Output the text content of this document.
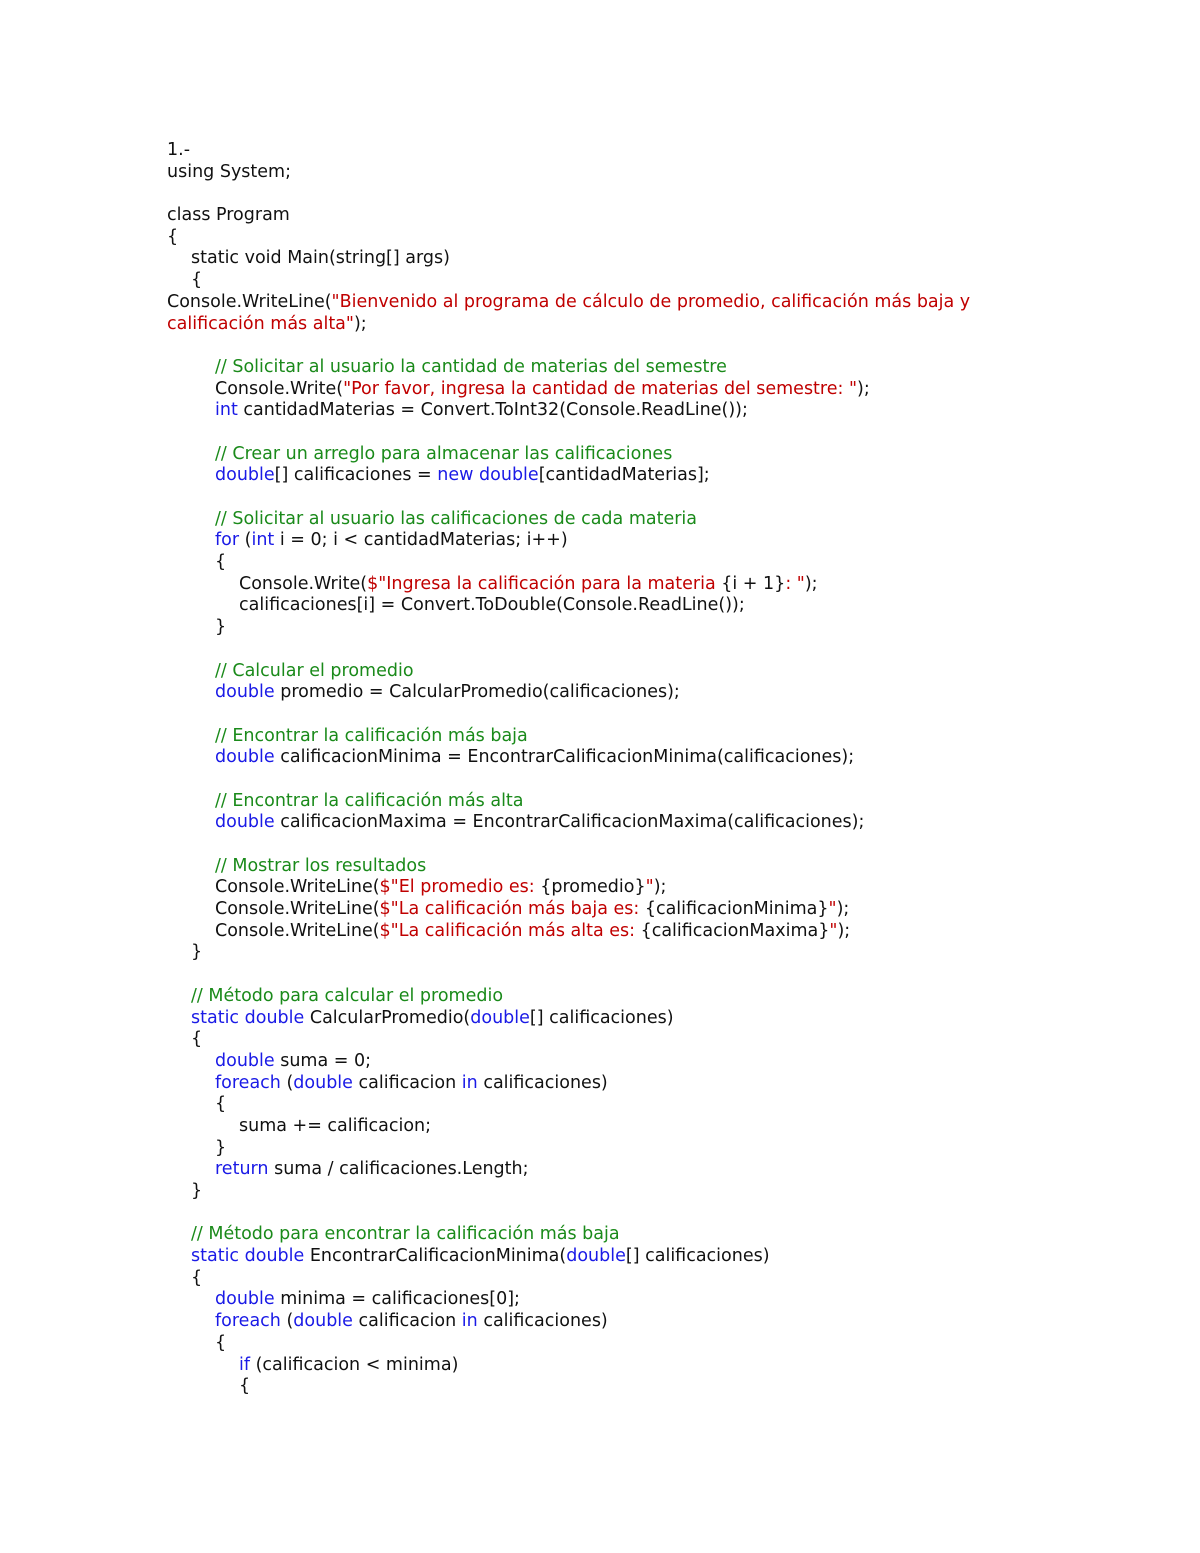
1.-
using System;
class Program
{
static void Main(string[] args)
{
Console.WriteLine("Bienvenido al programa de cálculo de promedio, calificación más baja y calificación más alta");
// Solicitar al usuario la cantidad de materias del semestre
Console.Write("Por favor, ingresa la cantidad de materias del semestre: ");
int cantidadMaterias = Convert.ToInt32(Console.ReadLine());
// Crear un arreglo para almacenar las calificaciones
double[] calificaciones = new double[cantidadMaterias];
// Solicitar al usuario las calificaciones de cada materia
for (int i = 0; i < cantidadMaterias; i++)
{
Console.Write($"Ingresa la calificación para la materia {i + 1}: ");
calificaciones[i] = Convert.ToDouble(Console.ReadLine());
}
// Calcular el promedio
double promedio = CalcularPromedio(calificaciones);
// Encontrar la calificación más baja
double calificacionMinima = EncontrarCalificacionMinima(calificaciones);
// Encontrar la calificación más alta
double calificacionMaxima = EncontrarCalificacionMaxima(calificaciones);
// Mostrar los resultados
Console.WriteLine($"El promedio es: {promedio}");
Console.WriteLine($"La calificación más baja es: {calificacionMinima}");
Console.WriteLine($"La calificación más alta es: {calificacionMaxima}");
}
// Método para calcular el promedio
static double CalcularPromedio(double[] calificaciones)
{
double suma = 0;
foreach (double calificacion in calificaciones)
{
suma += calificacion;
}
return suma / calificaciones.Length;
}
// Método para encontrar la calificación más baja
static double EncontrarCalificacionMinima(double[] calificaciones)
{
double minima = calificaciones[0];
foreach (double calificacion in calificaciones)
{
if (calificacion < minima)
{
